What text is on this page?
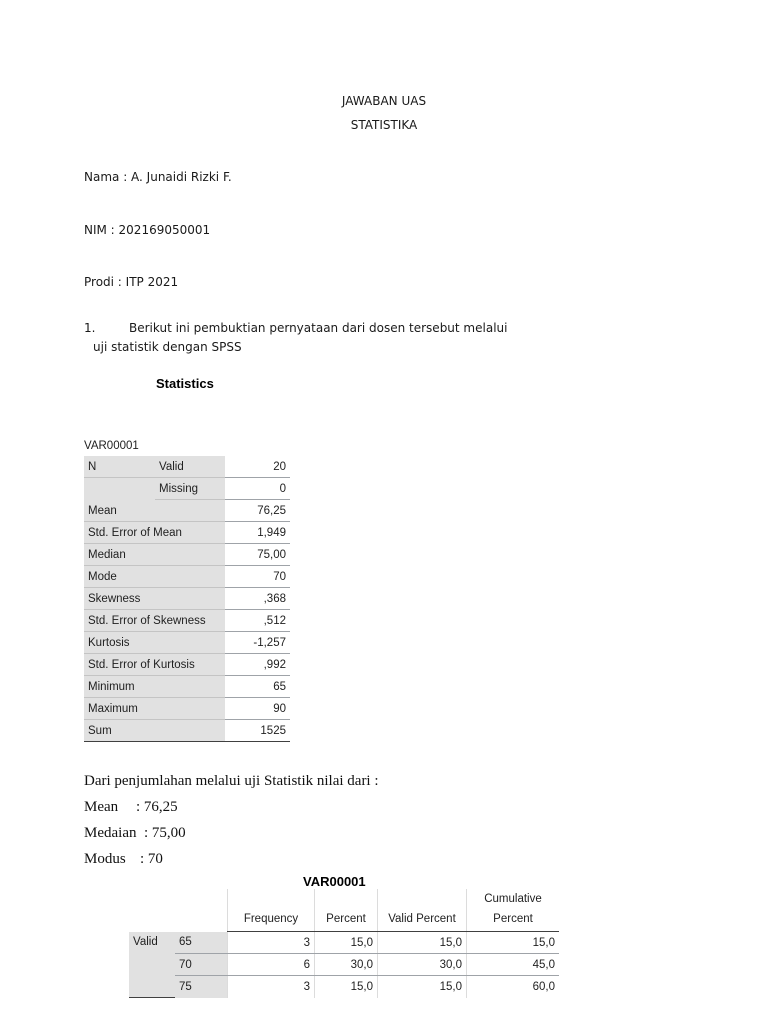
JAWABAN UAS
STATISTIKA
Nama : A. Junaidi Rizki F.
NIM : 202169050001
Prodi : ITP 2021
1.	Berikut ini pembuktian pernyataan dari dosen tersebut melalui
uji statistik dengan SPSS
Statistics
VAR00001
N	Valid	20
	Missing	0
Mean		76,25
Std. Error of Mean		1,949
Median		75,00
Mode		70
Skewness		,368
Std. Error of Skewness		,512
Kurtosis		-1,257
Std. Error of Kurtosis		,992
Minimum		65
Maximum		90
Sum		1525
Dari penjumlahan melalui uji Statistik nilai dari :
Mean : 76,25
Medaian : 75,00
Modus : 70
VAR00001
		Frequency	Percent	Valid Percent	Cumulative
Percent

Valid	65	3	15,0	15,0	15,0
	70	6	30,0	30,0	45,0
	75	3	15,0	15,0	60,0
